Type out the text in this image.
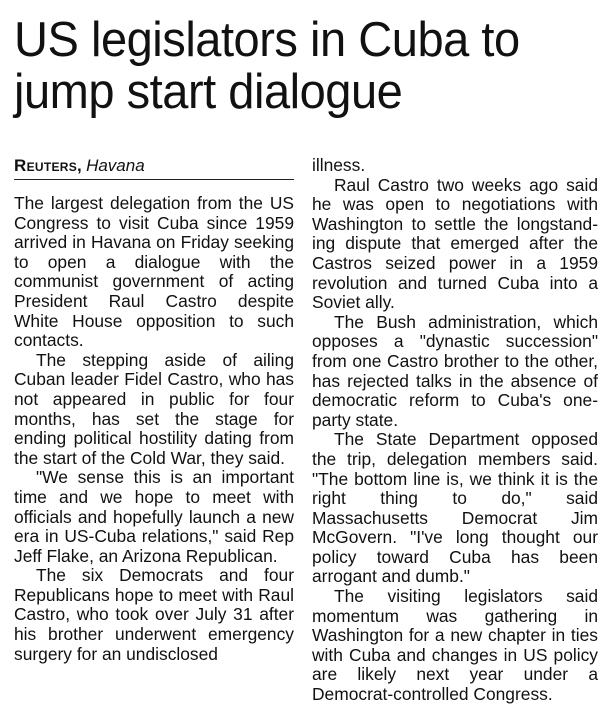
US legislators in Cuba to jump start dialogue
Reuters, Havana

The largest delegation from the US Congress to visit Cuba since 1959 arrived in Havana on Friday seeking to open a dialogue with the communist government of acting President Raul Castro despite White House opposition to such contacts.

The stepping aside of ailing Cuban leader Fidel Castro, who has not appeared in public for four months, has set the stage for ending political hostility dating from the start of the Cold War, they said.

"We sense this is an important time and we hope to meet with officials and hopefully launch a new era in US-Cuba relations," said Rep Jeff Flake, an Arizona Republican.

The six Democrats and four Republicans hope to meet with Raul Castro, who took over July 31 after his brother underwent emergency surgery for an undisclosed

illness.

Raul Castro two weeks ago said he was open to negotiations with Washington to settle the longstanding dispute that emerged after the Castros seized power in a 1959 revolution and turned Cuba into a Soviet ally.

The Bush administration, which opposes a "dynastic succession" from one Castro brother to the other, has rejected talks in the absence of democratic reform to Cuba's one-party state.

The State Department opposed the trip, delegation members said. "The bottom line is, we think it is the right thing to do," said Massachusetts Democrat Jim McGovern. "I've long thought our policy toward Cuba has been arrogant and dumb."

The visiting legislators said momentum was gathering in Washington for a new chapter in ties with Cuba and changes in US policy are likely next year under a Democrat-controlled Congress.
